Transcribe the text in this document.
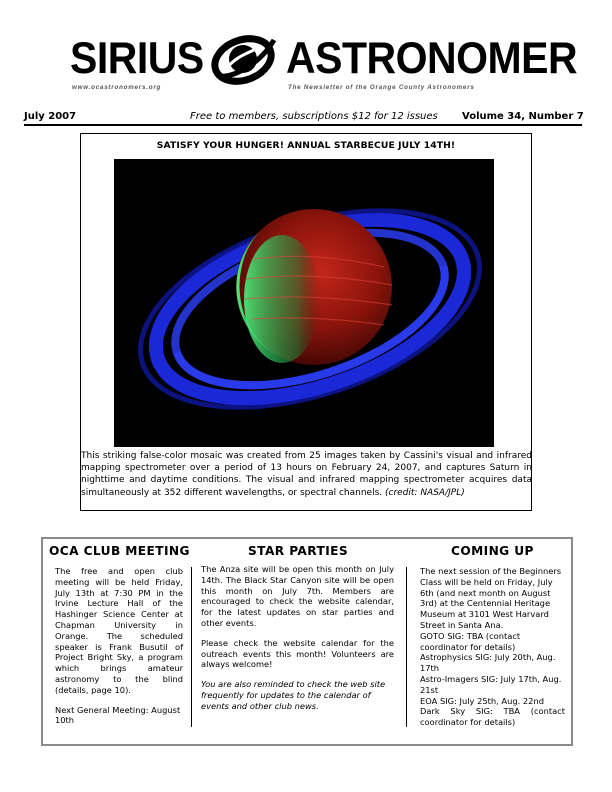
SIRIUS ASTRONOMER
www.ocastronomers.org	The Newsletter of the Orange County Astronomers
July 2007	Free to members, subscriptions $12 for 12 issues Volume 34, Number 7
SATISFY YOUR HUNGER! ANNUAL STARBECUE JULY 14TH!
This striking false-color mosaic was created from 25 images taken by Cassini's visual and infrared mapping spectrometer over a period of 13 hours on February 24, 2007, and captures Saturn in nighttime and daytime conditions. The visual and infrared mapping spectrometer acquires data simultaneously at 352 different wavelengths, or spectral channels. (credit: NASA/JPL)
OCA CLUB MEETING

The free and open club meeting will be held Friday, July 13th at 7:30 PM in the Irvine Lecture Hall of the Hashinger Science Center at Chapman University in Orange. The scheduled speaker is Frank Busutil of Project Bright Sky, a program which brings amateur astronomy to the blind (details, page 10).

Next General Meeting: August 10th

STAR PARTIES

The Anza site will be open this month on July 14th. The Black Star Canyon site will be open this month on July 7th. Members are encouraged to check the website calendar, for the latest updates on star parties and other events.

Please check the website calendar for the outreach events this month! Volunteers are always welcome!

You are also reminded to check the web site frequently for updates to the calendar of events and other club news.

COMING UP

The next session of the Beginners Class will be held on Friday, July 6th (and next month on August 3rd) at the Centennial Heritage Museum at 3101 West Harvard Street in Santa Ana.

GOTO SIG: TBA (contact coordinator for details)

Astrophysics SIG: July 20th, Aug. 17th

Astro-Imagers SIG: July 17th, Aug. 21st

EOA SIG: July 25th, Aug. 22nd

Dark Sky SIG: TBA (contact coordinator for details)
